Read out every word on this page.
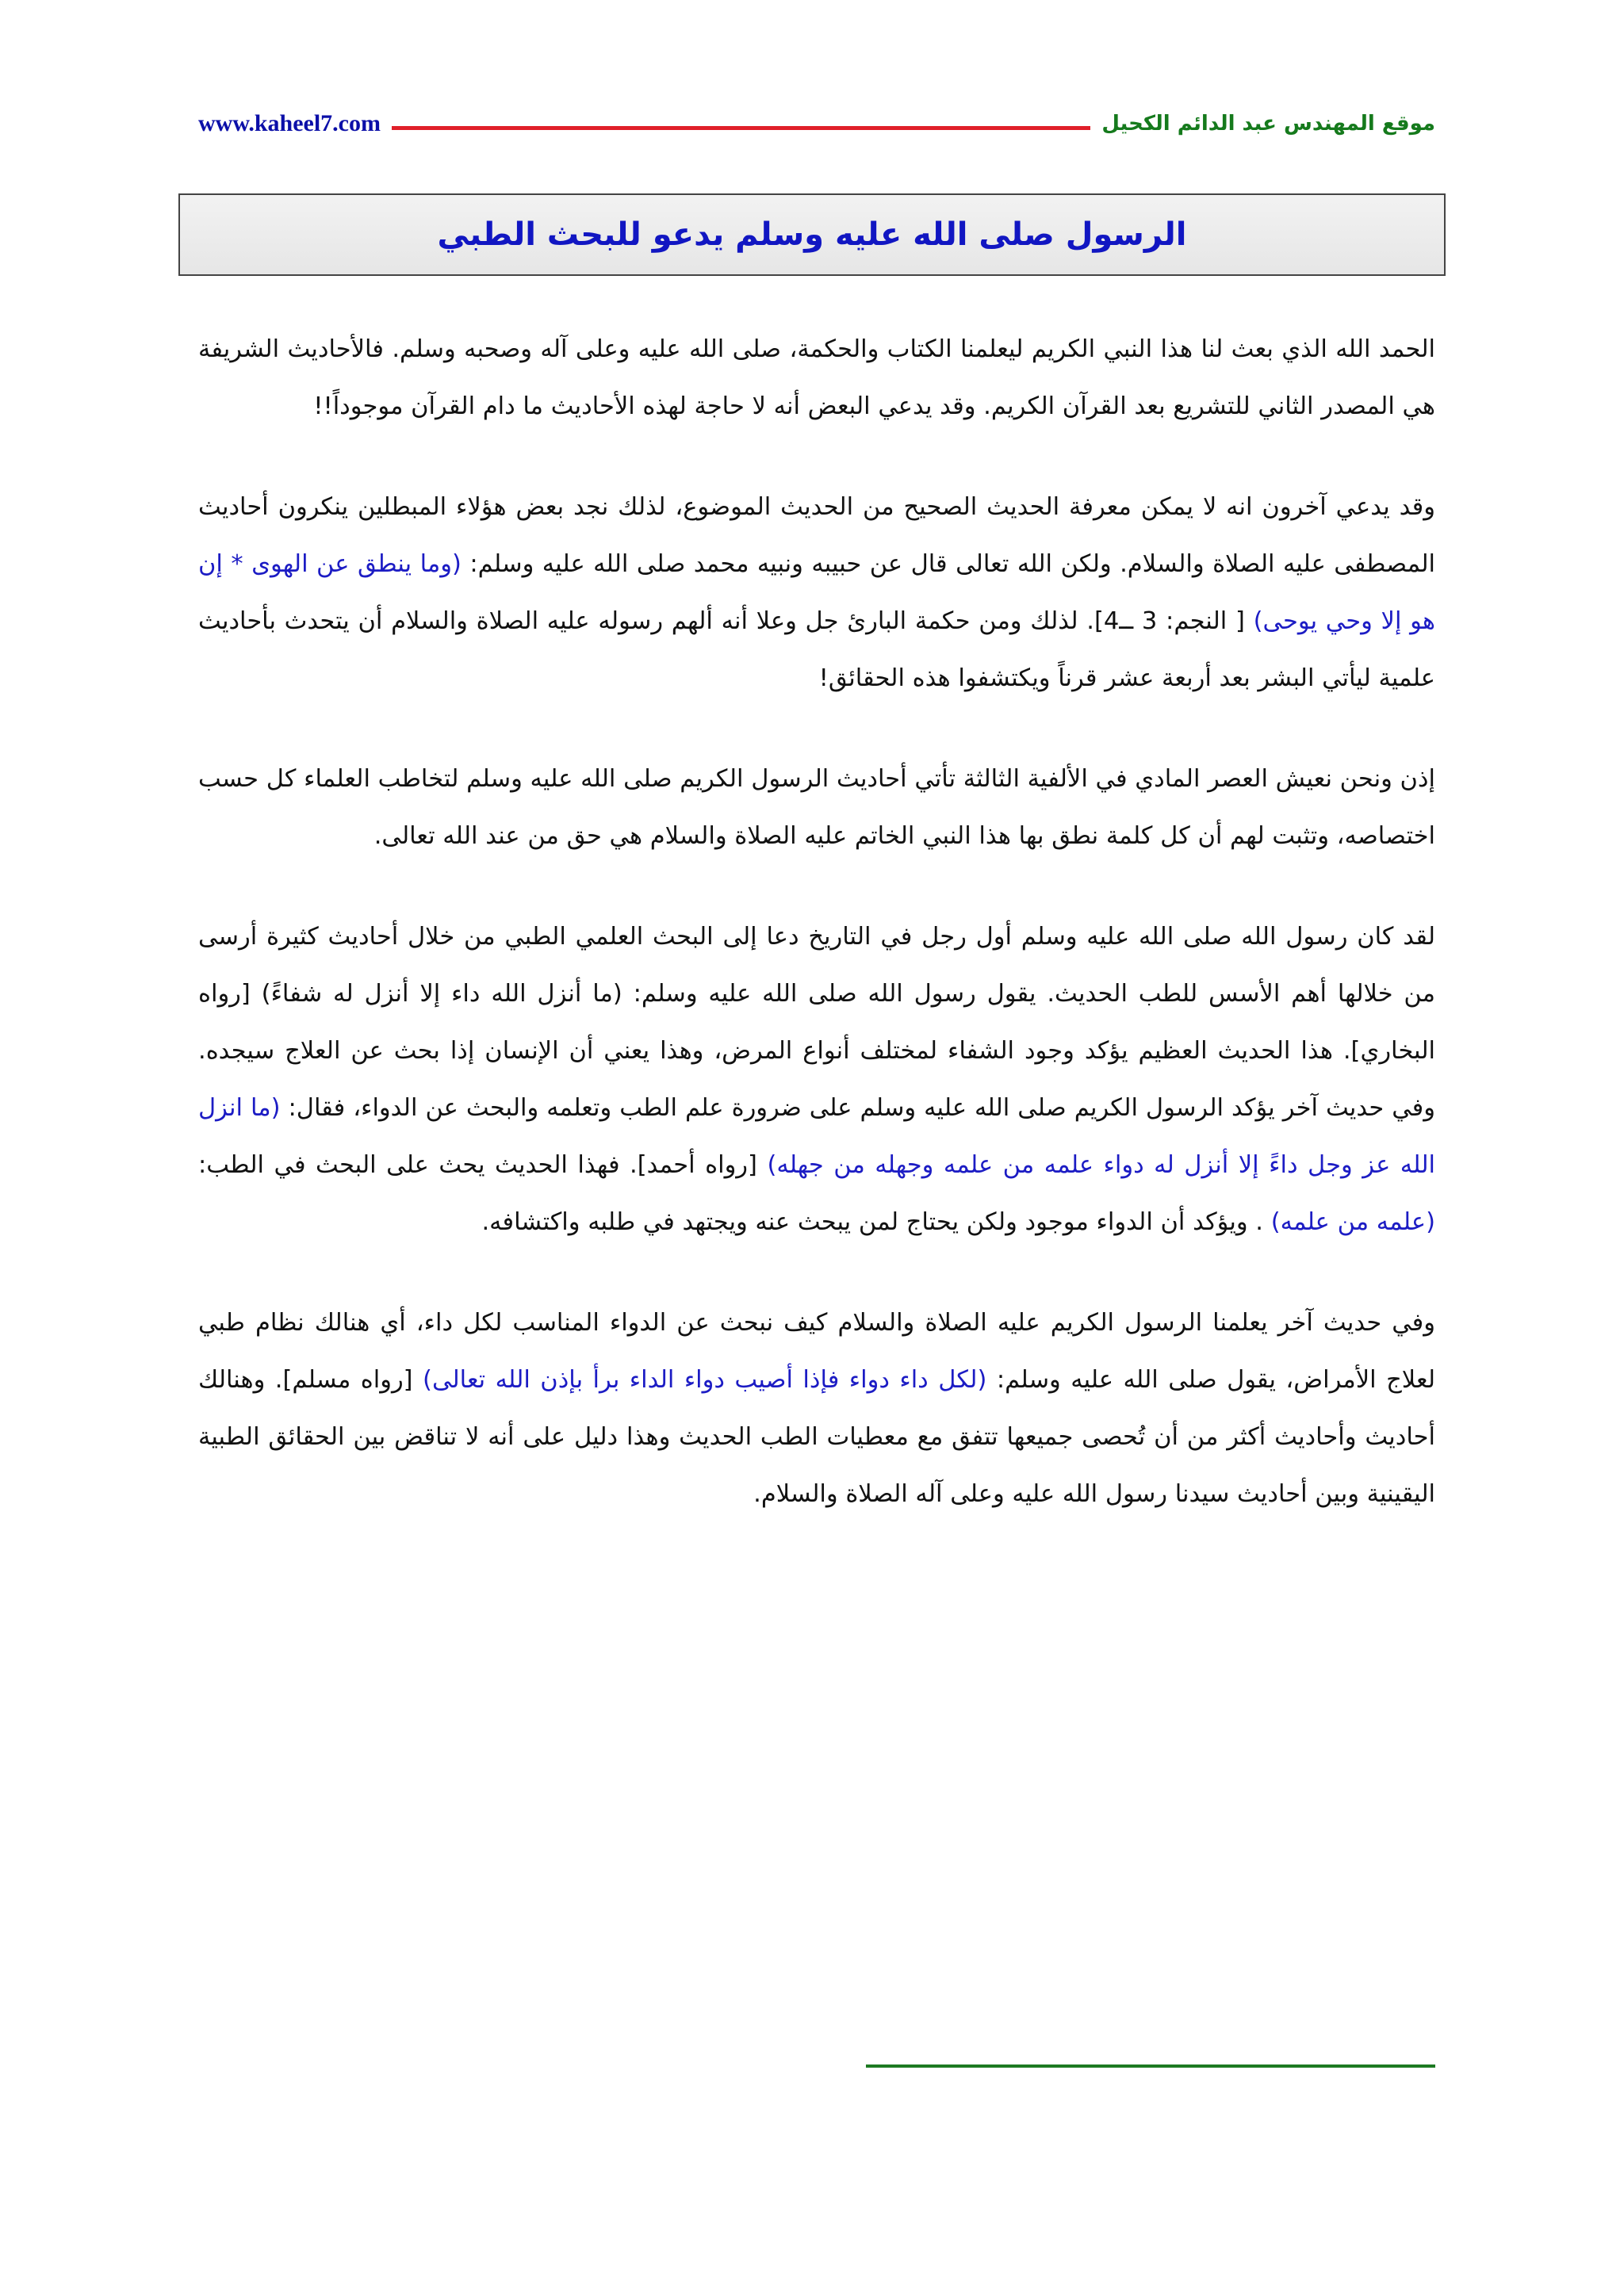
www.kaheel7.com	موقع المهندس عبد الدائم الكحيل
الرسول صلى الله عليه وسلم يدعو للبحث الطبي

الحمد الله الذي بعث لنا هذا النبي الكريم ليعلمنا الكتاب والحكمة، صلى الله عليه وعلى آله وصحبه وسلم. فالأحاديث الشريفة هي المصدر الثاني للتشريع بعد القرآن الكريم. وقد يدعي البعض أنه لا حاجة لهذه الأحاديث ما دام القرآن موجوداً!!

وقد يدعي آخرون انه لا يمكن معرفة الحديث الصحيح من الحديث الموضوع، لذلك نجد بعض هؤلاء المبطلين ينكرون أحاديث المصطفى عليه الصلاة والسلام. ولكن الله تعالى قال عن حبيبه ونبيه محمد صلى الله عليه وسلم: (وما ينطق عن الهوى * إن هو إلا وحي يوحى) [ النجم: 3 ــ4]. لذلك ومن حكمة البارئ جل وعلا أنه ألهم رسوله عليه الصلاة والسلام أن يتحدث بأحاديث علمية ليأتي البشر بعد أربعة عشر قرناً ويكتشفوا هذه الحقائق!

إذن ونحن نعيش العصر المادي في الألفية الثالثة تأتي أحاديث الرسول الكريم صلى الله عليه وسلم لتخاطب العلماء كل حسب اختصاصه، وتثبت لهم أن كل كلمة نطق بها هذا النبي الخاتم عليه الصلاة والسلام هي حق من عند الله تعالى.

لقد كان رسول الله صلى الله عليه وسلم أول رجل في التاريخ دعا إلى البحث العلمي الطبي من خلال أحاديث كثيرة أرسى من خلالها أهم الأسس للطب الحديث. يقول رسول الله صلى الله عليه وسلم: (ما أنزل الله داء إلا أنزل له شفاءً) [رواه البخاري]. هذا الحديث العظيم يؤكد وجود الشفاء لمختلف أنواع المرض، وهذا يعني أن الإنسان إذا بحث عن العلاج سيجده. وفي حديث آخر يؤكد الرسول الكريم صلى الله عليه وسلم على ضرورة علم الطب وتعلمه والبحث عن الدواء، فقال: (ما انزل الله عز وجل داءً إلا أنزل له دواء علمه من علمه وجهله من جهله) [رواه أحمد]. فهذا الحديث يحث على البحث في الطب: (علمه من علمه) . ويؤكد أن الدواء موجود ولكن يحتاج لمن يبحث عنه ويجتهد في طلبه واكتشافه.

وفي حديث آخر يعلمنا الرسول الكريم عليه الصلاة والسلام كيف نبحث عن الدواء المناسب لكل داء، أي هنالك نظام طبي لعلاج الأمراض، يقول صلى الله عليه وسلم: (لكل داء دواء فإذا أصيب دواء الداء برأ بإذن الله تعالى) [رواه مسلم]. وهنالك أحاديث وأحاديث أكثر من أن تُحصى جميعها تتفق مع معطيات الطب الحديث وهذا دليل على أنه لا تناقض بين الحقائق الطبية اليقينية وبين أحاديث سيدنا رسول الله عليه وعلى آله الصلاة والسلام.
